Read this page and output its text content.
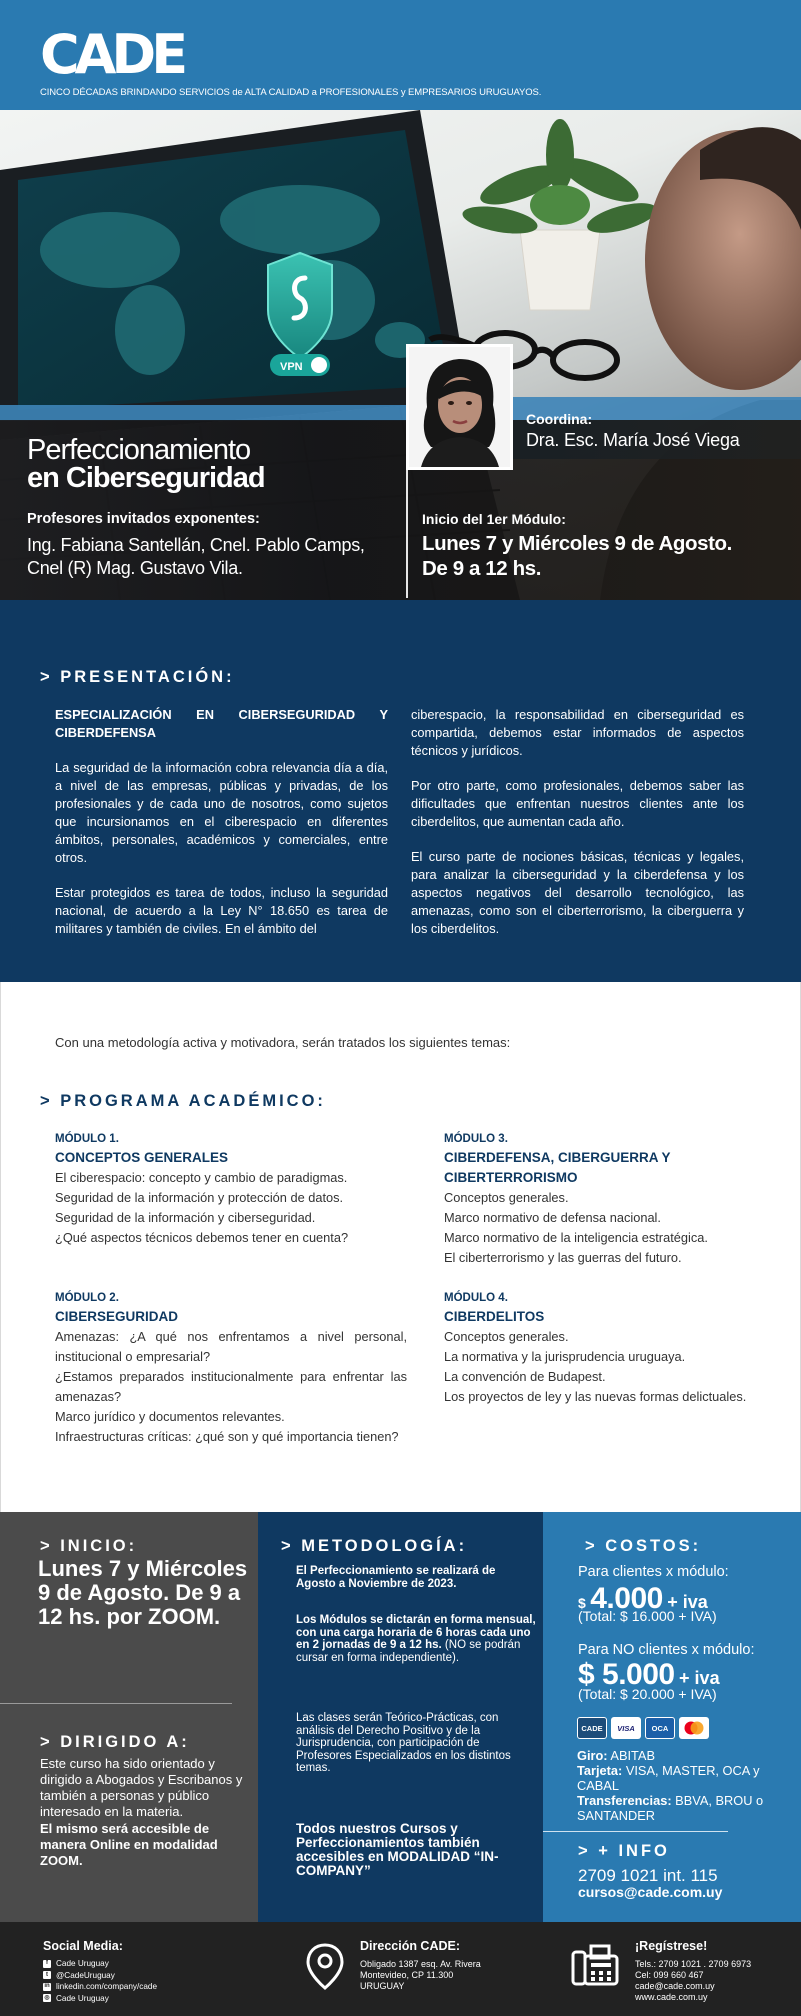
CADE
CINCO DÉCADAS BRINDANDO SERVICIOS de ALTA CALIDAD a PROFESIONALES y EMPRESARIOS URUGUAYOS.
VPN
Perfeccionamiento
en Ciberseguridad
Profesores invitados exponentes:
Ing. Fabiana Santellán, Cnel. Pablo Camps, Cnel (R) Mag. Gustavo Vila.
Inicio del 1er Módulo:
Lunes 7 y Miércoles 9 de Agosto.
De 9 a 12 hs.
Coordina:
Dra. Esc. María José Viega
> PRESENTACIÓN:

ESPECIALIZACIÓN EN CIBERSEGURIDAD Y CIBERDEFENSA

La seguridad de la información cobra relevancia día a día, a nivel de las empresas, públicas y privadas, de los profesionales y de cada uno de nosotros, como sujetos que incursionamos en el ciberespacio en diferentes ámbitos, personales, académicos y comerciales, entre otros.

Estar protegidos es tarea de todos, incluso la seguridad nacional, de acuerdo a la Ley N° 18.650 es tarea de militares y también de civiles. En el ámbito del

ciberespacio, la responsabilidad en ciberseguridad es compartida, debemos estar informados de aspectos técnicos y jurídicos.

Por otro parte, como profesionales, debemos saber las dificultades que enfrentan nuestros clientes ante los ciberdelitos, que aumentan cada año.

El curso parte de nociones básicas, técnicas y legales, para analizar la ciberseguridad y la ciberdefensa y los aspectos negativos del desarrollo tecnológico, las amenazas, como son el ciberterrorismo, la ciberguerra y los ciberdelitos.

Con una metodología activa y motivadora, serán tratados los siguientes temas:
> PROGRAMA ACADÉMICO:
MÓDULO 1.
CONCEPTOS GENERALES
El ciberespacio: concepto y cambio de paradigmas.
Seguridad de la información y protección de datos.
Seguridad de la información y ciberseguridad.
¿Qué aspectos técnicos debemos tener en cuenta?
MÓDULO 2.
CIBERSEGURIDAD
Amenazas: ¿A qué nos enfrentamos a nivel personal, institucional o empresarial?
¿Estamos preparados institucionalmente para enfrentar las amenazas?
Marco jurídico y documentos relevantes.
Infraestructuras críticas: ¿qué son y qué importancia tienen?
MÓDULO 3.
CIBERDEFENSA, CIBERGUERRA Y CIBERTERRORISMO
Conceptos generales.
Marco normativo de defensa nacional.
Marco normativo de la inteligencia estratégica.
El ciberterrorismo y las guerras del futuro.
MÓDULO 4.
CIBERDELITOS
Conceptos generales.
La normativa y la jurisprudencia uruguaya.
La convención de Budapest.
Los proyectos de ley y las nuevas formas delictuales.
> INICIO:
Lunes 7 y Miércoles 9 de Agosto. De 9 a 12 hs. por ZOOM.
> DIRIGIDO A:
Este curso ha sido orientado y dirigido a Abogados y Escribanos y también a personas y público interesado en la materia.
El mismo será accesible de manera Online en modalidad ZOOM.
> METODOLOGÍA:
El Perfeccionamiento se realizará de Agosto a Noviembre de 2023.
Los Módulos se dictarán en forma mensual, con una carga horaria de 6 horas cada uno en 2 jornadas de 9 a 12 hs. (NO se podrán cursar en forma independiente).
Las clases serán Teórico-Prácticas, con análisis del Derecho Positivo y de la Jurisprudencia, con participación de Profesores Especializados en los distintos temas.
Todos nuestros Cursos y Perfeccionamientos también accesibles en MODALIDAD “IN-COMPANY”
> COSTOS:
Para clientes x módulo:
$ 4.000 + iva
(Total: $ 16.000 + IVA)
Para NO clientes x módulo:
$ 5.000 + iva
(Total: $ 20.000 + IVA)
CADE	VISA	OCA
Giro: ABITAB
Tarjeta: VISA, MASTER, OCA y CABAL
Transferencias: BBVA, BROU o SANTANDER
> + INFO
2709 1021 int. 115
cursos@cade.com.uy
Social Media:
f Cade Uruguay
t @CadeUruguay
in linkedin.com/company/cade
◎ Cade Uruguay
Dirección CADE:
Obligado 1387 esq. Av. Rivera
Montevideo, CP 11.300
URUGUAY
¡Regístrese!
Tels.: 2709 1021 . 2709 6973
Cel: 099 660 467
cade@cade.com.uy
www.cade.com.uy
